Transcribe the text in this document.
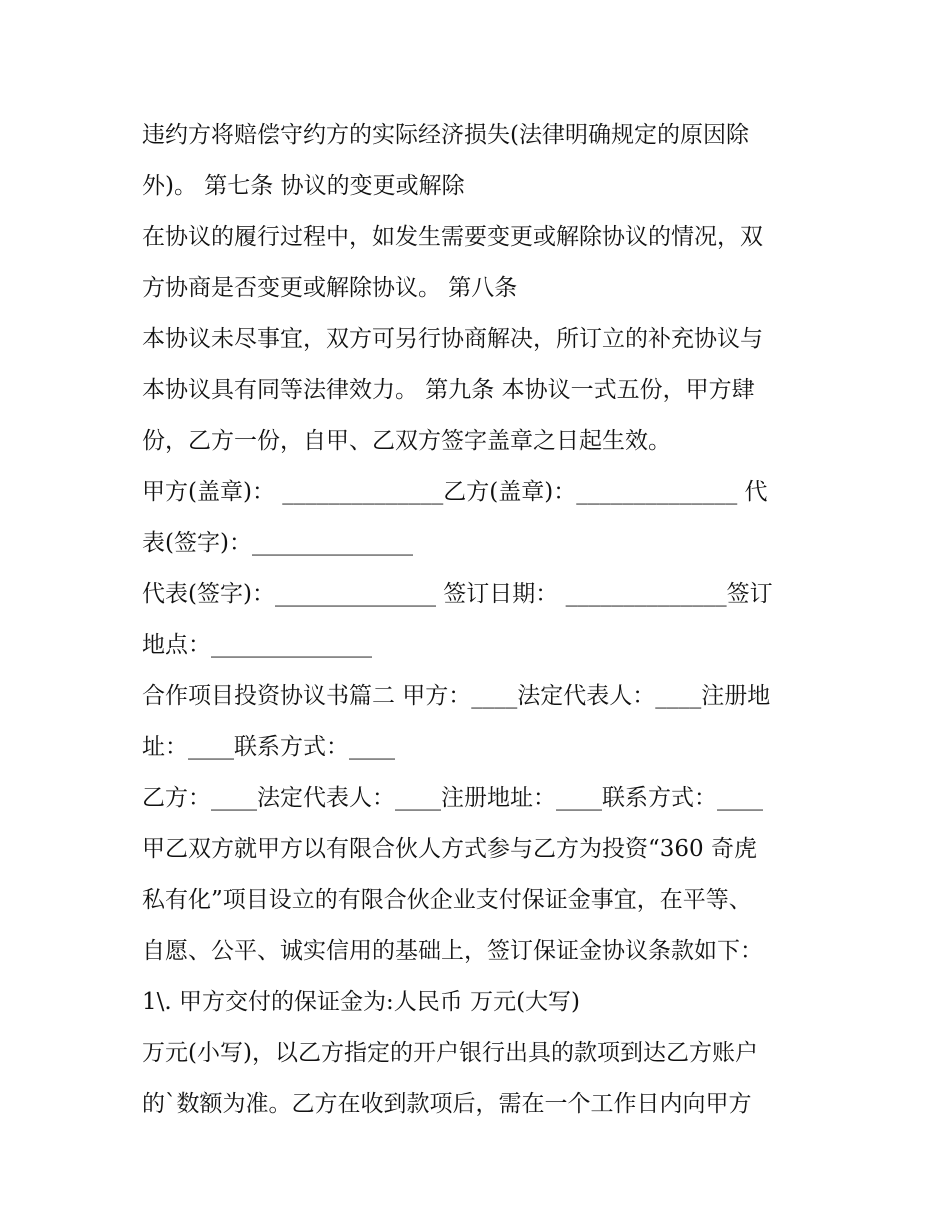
违约方将赔偿守约方的实际经济损失(法律明确规定的原因除
外)。 第七条 协议的变更或解除
在协议的履行过程中，如发生需要变更或解除协议的情况，双
方协商是否变更或解除协议。 第八条
本协议未尽事宜，双方可另行协商解决，所订立的补充协议与
本协议具有同等法律效力。 第九条 本协议一式五份，甲方肆
份，乙方一份，自甲、乙双方签字盖章之日起生效。
甲方(盖章)： ______________乙方(盖章)：______________ 代
表(签字)：______________
代表(签字)：______________ 签订日期： ______________签订
地点：______________
合作项目投资协议书篇二 甲方：____法定代表人：____注册地
址：____联系方式：____
乙方：____法定代表人：____注册地址：____联系方式：____
甲乙双方就甲方以有限合伙人方式参与乙方为投资“360 奇虎
私有化”项目设立的有限合伙企业支付保证金事宜，在平等、
自愿、公平、诚实信用的基础上，签订保证金协议条款如下：
1\. 甲方交付的保证金为:人民币 万元(大写)
万元(小写)，以乙方指定的开户银行出具的款项到达乙方账户
的`数额为准。乙方在收到款项后，需在一个工作日内向甲方
